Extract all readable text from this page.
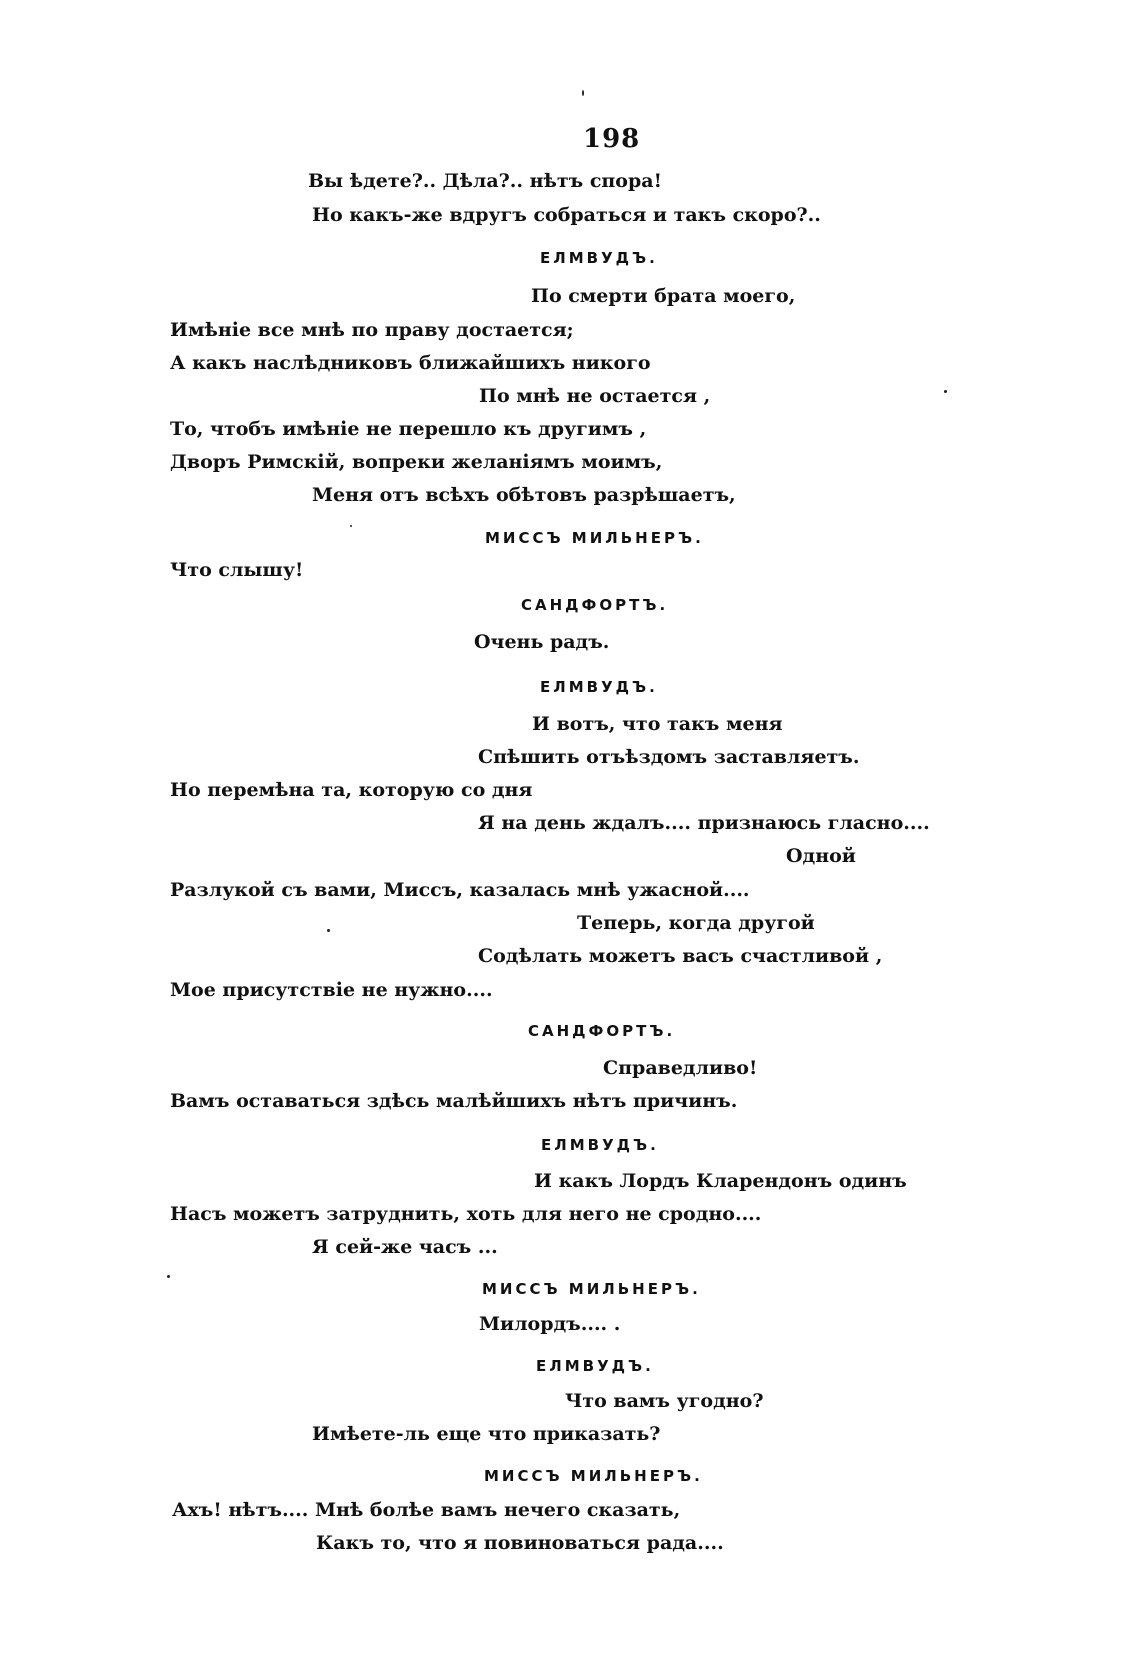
198
Вы ѣдете?.. Дѣла?.. нѣтъ спора!
Но какъ-же вдругъ собраться и такъ скоро?..
ЕЛМВУДЪ.
По смерти брата моего,
Имѣніе все мнѣ по праву достается;
А какъ наслѣдниковъ ближайшихъ никого
По мнѣ не остается ,
То, чтобъ имѣніе не перешло къ другимъ ,
Дворъ Римскій, вопреки желаніямъ моимъ,
Меня отъ всѣхъ обѣтовъ разрѣшаетъ,
МИССЪ МИЛЬНЕРЪ.
Что слышу!
САНДФОРТЪ.
Очень радъ.
ЕЛМВУДЪ.
И вотъ, что такъ меня
Спѣшить отъѣздомъ заставляетъ.
Но перемѣна та, которую со дня
Я на день ждалъ.... признаюсь гласно....
Одной
Разлукой съ вами, Миссъ, казалась мнѣ ужасной....
Теперь, когда другой
Содѣлать можетъ васъ счастливой ,
Мое присутствіе не нужно....
САНДФОРТЪ.
Справедливо!
Вамъ оставаться здѣсь малѣйшихъ нѣтъ причинъ.
ЕЛМВУДЪ.
И какъ Лордъ Кларендонъ одинъ
Насъ можетъ затруднить, хоть для него не сродно....
Я сей-же часъ ...
МИССЪ МИЛЬНЕРЪ.
Милордъ.... .
ЕЛМВУДЪ.
Что вамъ угодно?
Имѣете-ль еще что приказать?
МИССЪ МИЛЬНЕРЪ.
Ахъ! нѣтъ.... Мнѣ болѣе вамъ нечего сказать,
Какъ то, что я повиноваться рада....
